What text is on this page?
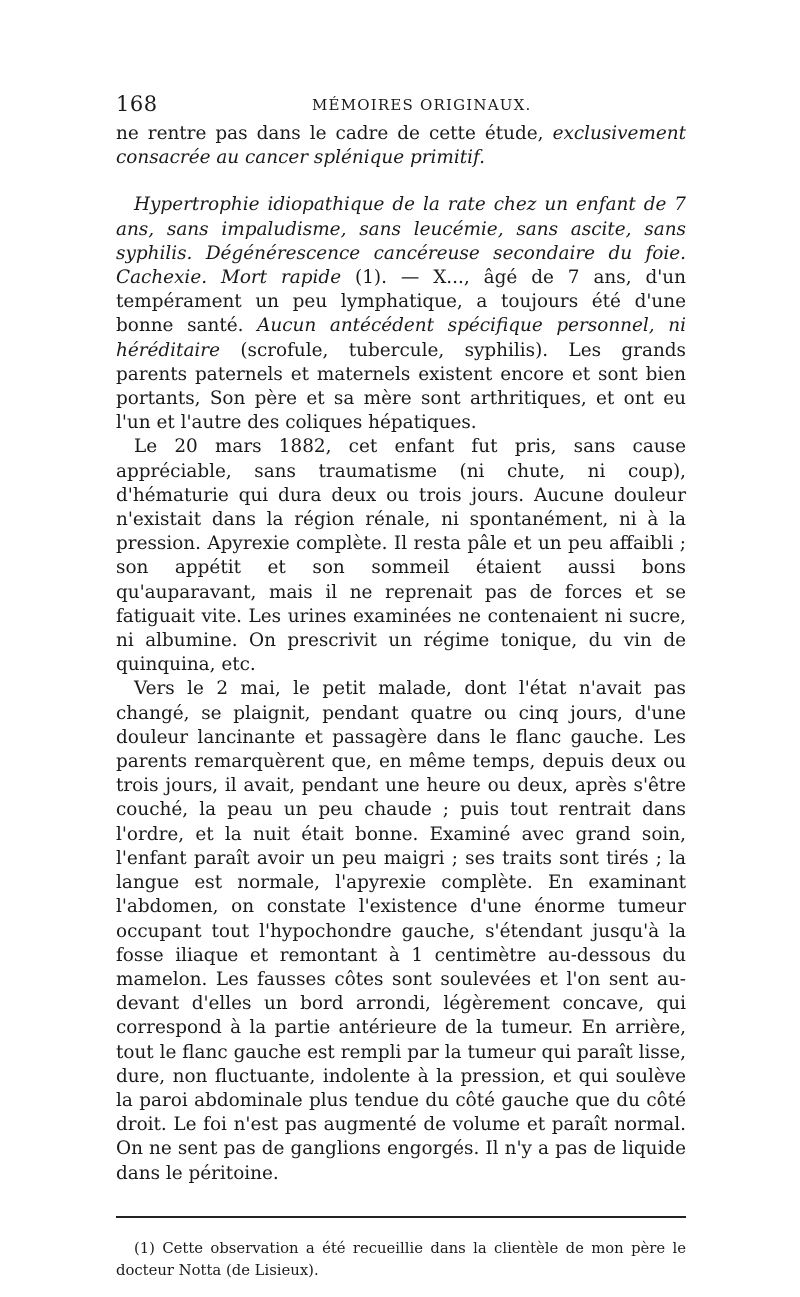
168	MÉMOIRES ORIGINAUX.

ne rentre pas dans le cadre de cette étude, exclusivement consacrée au cancer splénique primitif.

Hypertrophie idiopathique de la rate chez un enfant de 7 ans, sans impaludisme, sans leucémie, sans ascite, sans syphilis. Dégénérescence cancéreuse secondaire du foie. Cachexie. Mort rapide (1). — X..., âgé de 7 ans, d'un tempérament un peu lymphatique, a toujours été d'une bonne santé. Aucun antécédent spécifique personnel, ni héréditaire (scrofule, tubercule, syphilis). Les grands parents paternels et maternels existent encore et sont bien portants, Son père et sa mère sont arthritiques, et ont eu l'un et l'autre des coliques hépatiques.

Le 20 mars 1882, cet enfant fut pris, sans cause appréciable, sans traumatisme (ni chute, ni coup), d'hématurie qui dura deux ou trois jours. Aucune douleur n'existait dans la région rénale, ni spontanément, ni à la pression. Apyrexie complète. Il resta pâle et un peu affaibli ; son appétit et son sommeil étaient aussi bons qu'auparavant, mais il ne reprenait pas de forces et se fatiguait vite. Les urines examinées ne contenaient ni sucre, ni albumine. On prescrivit un régime tonique, du vin de quinquina, etc.

Vers le 2 mai, le petit malade, dont l'état n'avait pas changé, se plaignit, pendant quatre ou cinq jours, d'une douleur lancinante et passagère dans le flanc gauche. Les parents remarquèrent que, en même temps, depuis deux ou trois jours, il avait, pendant une heure ou deux, après s'être couché, la peau un peu chaude ; puis tout rentrait dans l'ordre, et la nuit était bonne. Examiné avec grand soin, l'enfant paraît avoir un peu maigri ; ses traits sont tirés ; la langue est normale, l'apyrexie complète. En examinant l'abdomen, on constate l'existence d'une énorme tumeur occupant tout l'hypochondre gauche, s'étendant jusqu'à la fosse iliaque et remontant à 1 centimètre au-dessous du mamelon. Les fausses côtes sont soulevées et l'on sent au-devant d'elles un bord arrondi, légèrement concave, qui correspond à la partie antérieure de la tumeur. En arrière, tout le flanc gauche est rempli par la tumeur qui paraît lisse, dure, non fluctuante, indolente à la pression, et qui soulève la paroi abdominale plus tendue du côté gauche que du côté droit. Le foi n'est pas augmenté de volume et paraît normal. On ne sent pas de ganglions engorgés. Il n'y a pas de liquide dans le péritoine.

(1) Cette observation a été recueillie dans la clientèle de mon père le docteur Notta (de Lisieux).
